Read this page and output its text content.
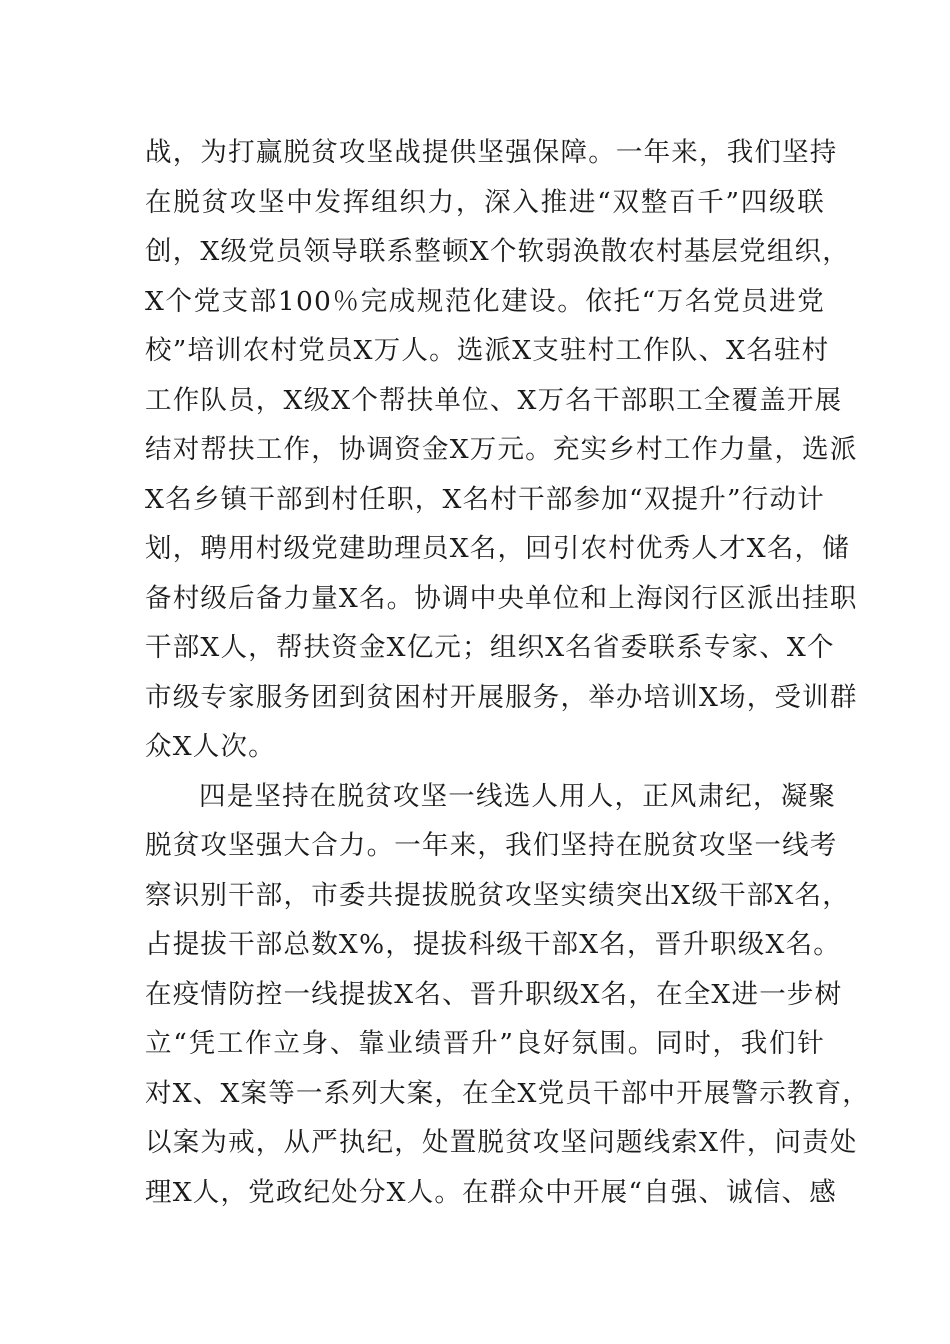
战，为打赢脱贫攻坚战提供坚强保障。一年来，我们坚持
在脱贫攻坚中发挥组织力，深入推进“双整百千”四级联
创，X级党员领导联系整顿X个软弱涣散农村基层党组织，
X个党支部100％完成规范化建设。依托“万名党员进党
校”培训农村党员X万人。选派X支驻村工作队、X名驻村
工作队员，X级X个帮扶单位、X万名干部职工全覆盖开展
结对帮扶工作，协调资金X万元。充实乡村工作力量，选派
X名乡镇干部到村任职，X名村干部参加“双提升”行动计
划，聘用村级党建助理员X名，回引农村优秀人才X名，储
备村级后备力量X名。协调中央单位和上海闵行区派出挂职
干部X人，帮扶资金X亿元；组织X名省委联系专家、X个
市级专家服务团到贫困村开展服务，举办培训X场，受训群
众X人次。
四是坚持在脱贫攻坚一线选人用人，正风肃纪，凝聚
脱贫攻坚强大合力。一年来，我们坚持在脱贫攻坚一线考
察识别干部，市委共提拔脱贫攻坚实绩突出X级干部X名，
占提拔干部总数X%，提拔科级干部X名，晋升职级X名。
在疫情防控一线提拔X名、晋升职级X名，在全X进一步树
立“凭工作立身、靠业绩晋升”良好氛围。同时，我们针
对X、X案等一系列大案，在全X党员干部中开展警示教育，
以案为戒，从严执纪，处置脱贫攻坚问题线索X件，问责处
理X人，党政纪处分X人。在群众中开展“自强、诚信、感
